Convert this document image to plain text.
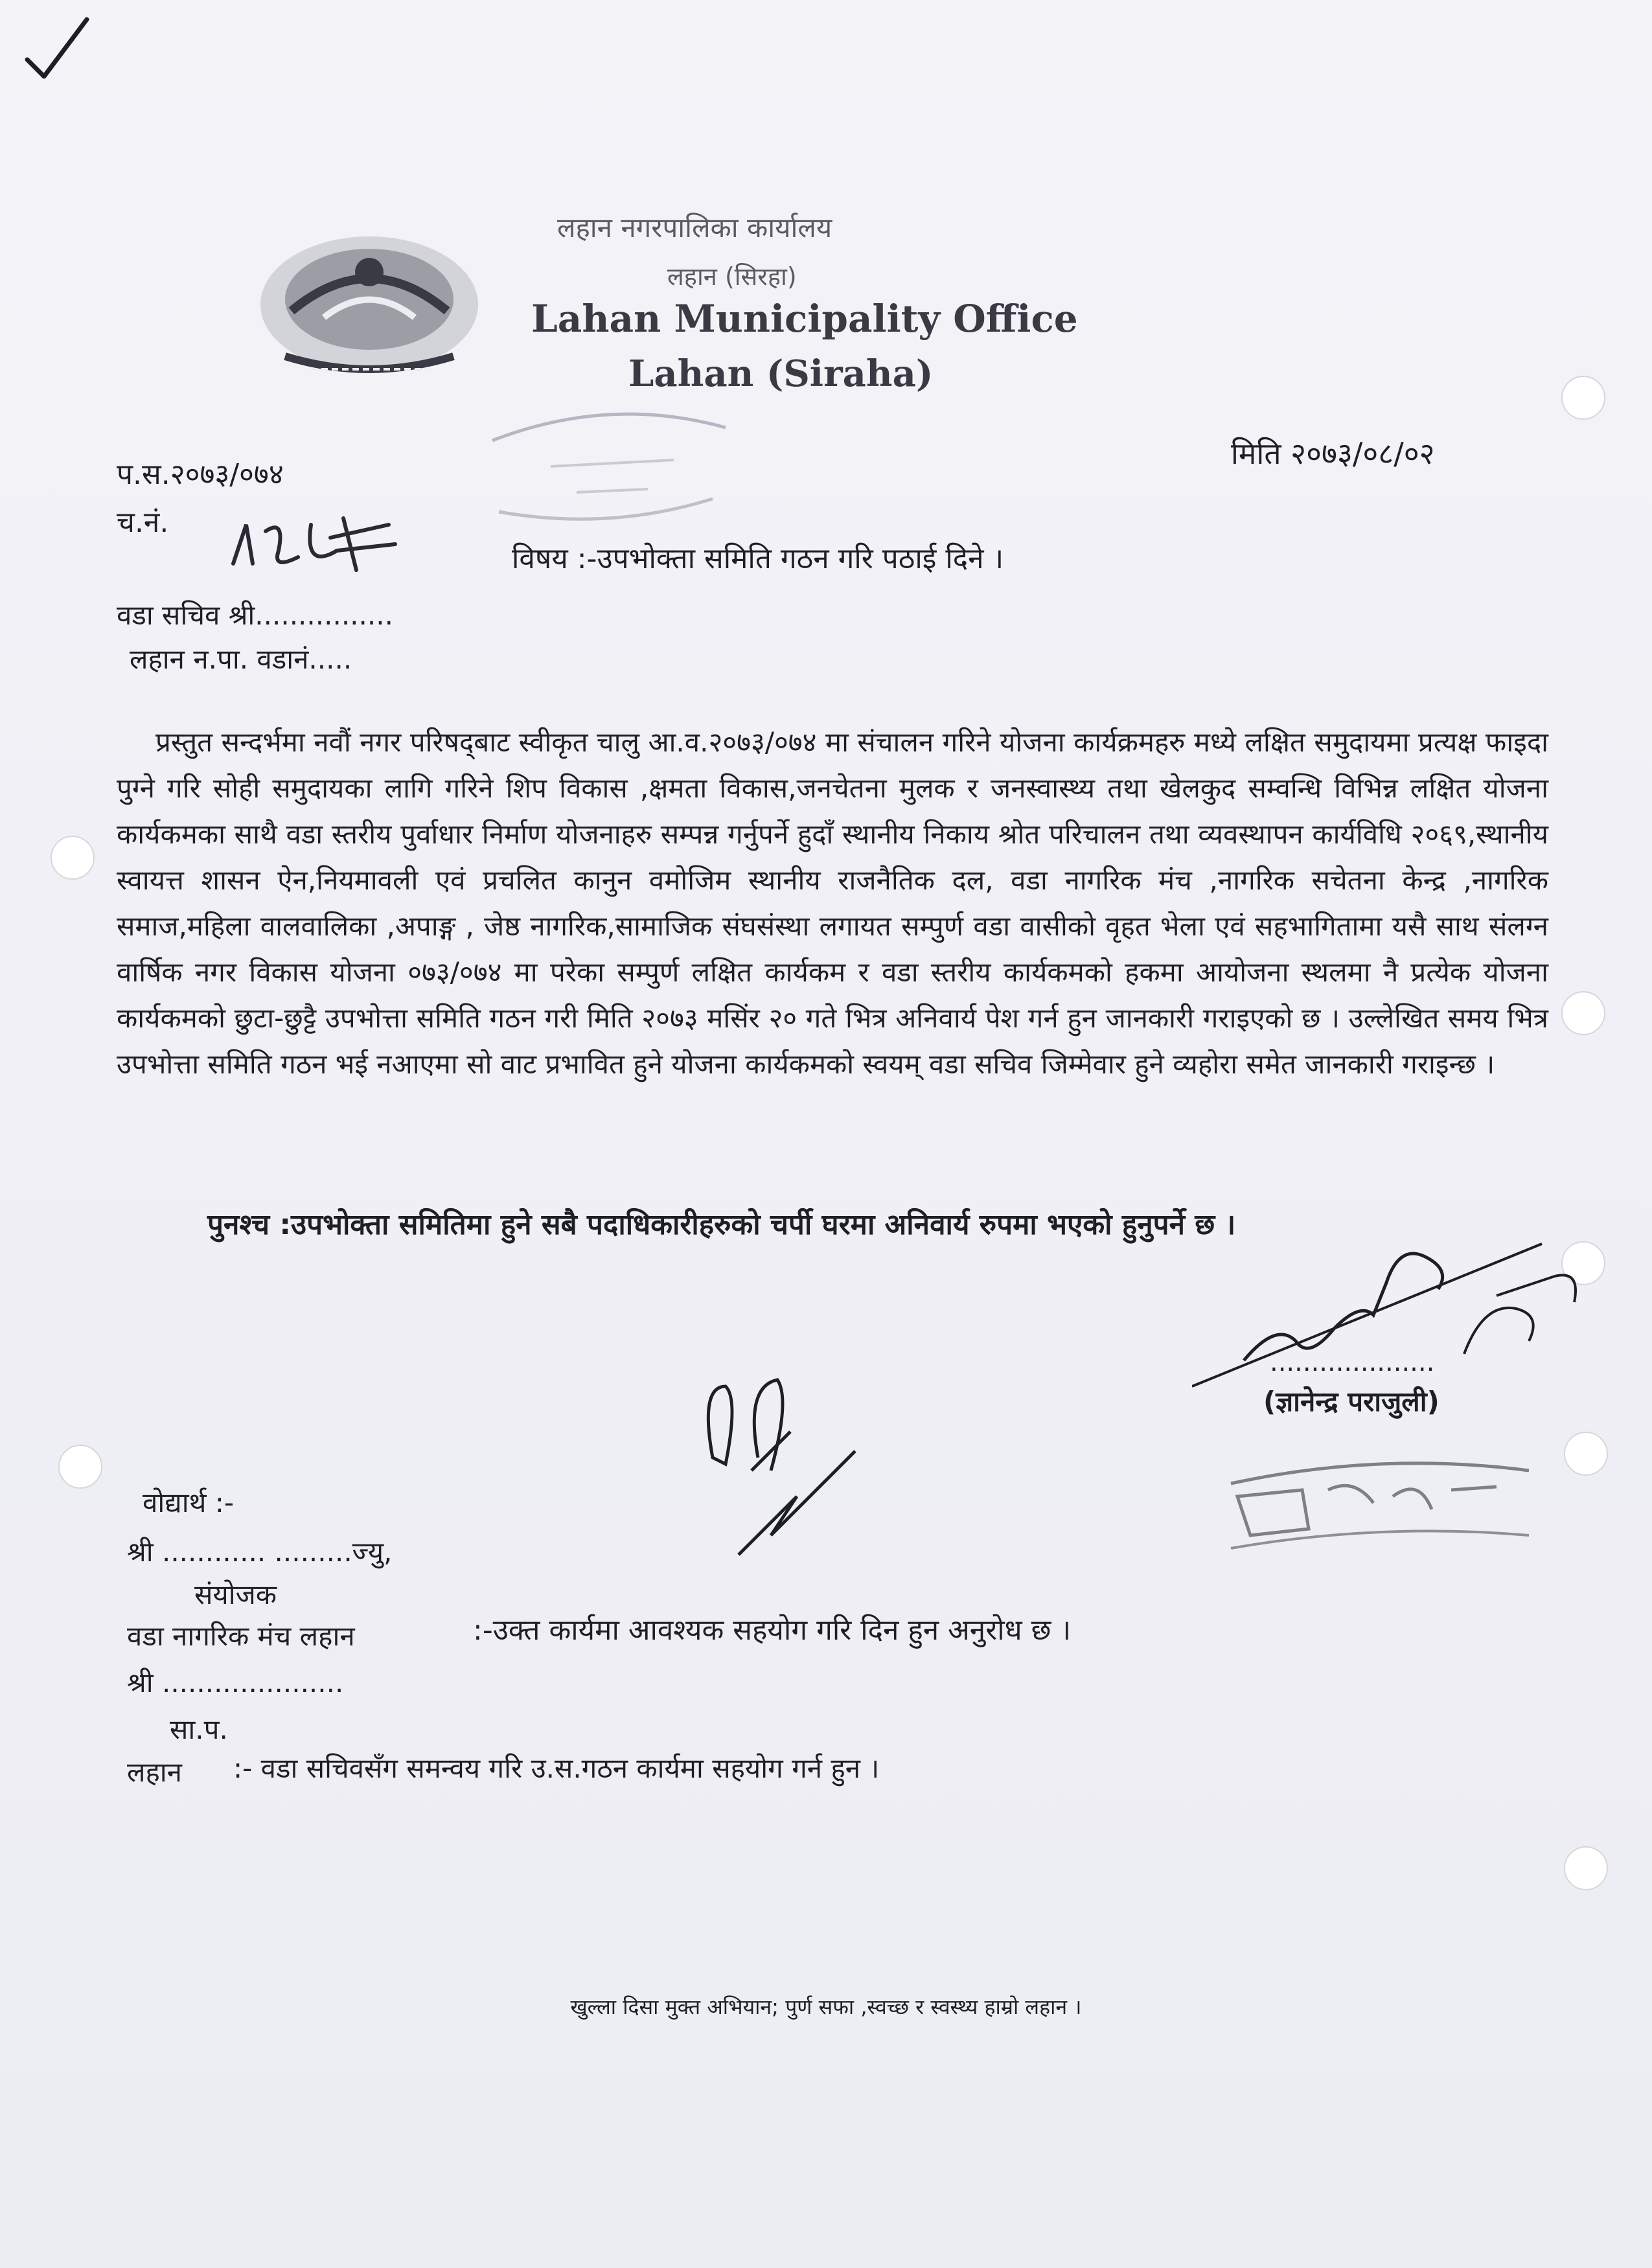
लहान नगरपालिका कार्यालय
लहान (सिरहा)
Lahan Municipality Office
Lahan (Siraha)
मिति २०७३/०८/०२
प.स.२०७३/०७४
च.नं.	४२५४
विषय :-उपभोक्ता समिति गठन गरि पठाई दिने ।
वडा सचिव श्री................
लहान न.पा. वडानं.....
प्रस्तुत सन्दर्भमा नवौं नगर परिषद्‌बाट स्वीकृत चालु आ.व.२०७३/०७४ मा संचालन गरिने योजना कार्यक्रमहरु मध्ये लक्षित समुदायमा प्रत्यक्ष फाइदा पुग्ने गरि सोही समुदायका लागि गरिने शिप विकास ,क्षमता विकास,जनचेतना मुलक र जनस्वास्थ्य तथा खेलकुद सम्वन्धि विभिन्न लक्षित योजना कार्यकमका साथै वडा स्तरीय पुर्वाधार निर्माण योजनाहरु सम्पन्न गर्नुपर्ने हुदाँ स्थानीय निकाय श्रोत परिचालन तथा व्यवस्थापन कार्यविधि २०६९,स्थानीय स्वायत्त शासन ऐन,नियमावली एवं प्रचलित कानुन वमोजिम स्थानीय राजनैतिक दल, वडा नागरिक मंच ,नागरिक सचेतना केन्द्र ,नागरिक समाज,महिला वालवालिका ,अपाङ्ग , जेष्ठ नागरिक,सामाजिक संघसंस्था लगायत सम्पुर्ण वडा वासीको वृहत भेला एवं सहभागितामा यसै साथ संलग्न वार्षिक नगर विकास योजना ०७३/०७४ मा परेका सम्पुर्ण लक्षित कार्यकम र वडा स्तरीय कार्यकमको हकमा आयोजना स्थलमा नै प्रत्येक योजना कार्यकमको छुटा-छुट्टै उपभोत्ता समिति गठन गरी मिति २०७३ मसिंर २० गते भित्र अनिवार्य पेश गर्न हुन जानकारी गराइएको छ । उल्लेखित समय भित्र उपभोत्ता समिति गठन भई नआएमा सो वाट प्रभावित हुने योजना कार्यकमको स्वयम् वडा सचिव जिम्मेवार हुने व्यहोरा समेत जानकारी गराइन्छ ।
पुनश्च :उपभोक्ता समितिमा हुने सबै पदाधिकारीहरुको चर्पी घरमा अनिवार्य रुपमा भएको हुनुपर्ने छ ।
....................
(ज्ञानेन्द्र पराजुली)
वोद्यार्थ :-
श्री ............ .........ज्यु,
संयोजक
वडा नागरिक मंच लहान	:-उक्त कार्यमा आवश्यक सहयोग गरि दिन हुन अनुरोध छ ।
श्री .....................
सा.प.
लहान :- वडा सचिवसँग समन्वय गरि उ.स.गठन कार्यमा सहयोग गर्न हुन ।
खुल्ला दिसा मुक्त अभियान; पुर्ण सफा ,स्वच्छ र स्वस्थ्य हाम्रो लहान ।
